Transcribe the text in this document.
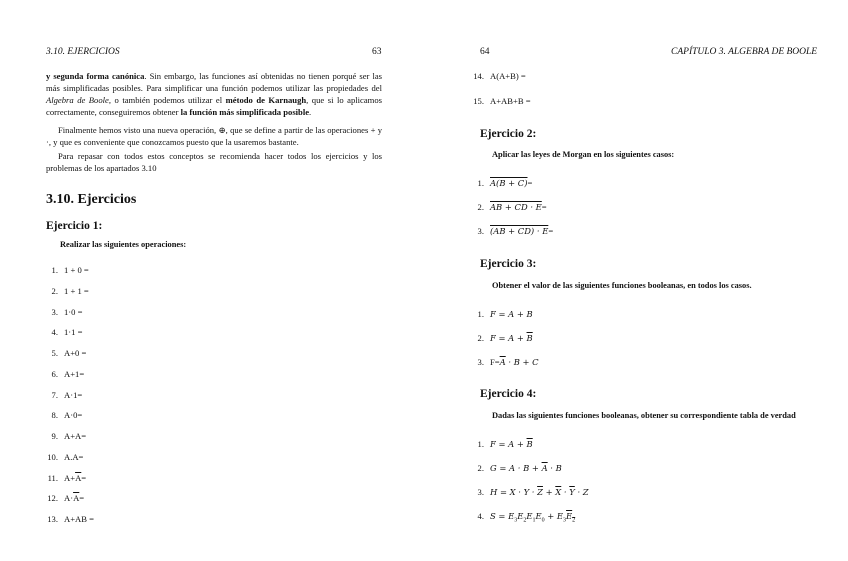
3.10. EJERCICIOS	63
y segunda forma canónica. Sin embargo, las funciones así obtenidas no tienen porqué ser las más simplificadas posibles. Para simplificar una función podemos utilizar las propiedades del Algebra de Boole, o también podemos utilizar el método de Karnaugh, que si lo aplicamos correctamente, conseguiremos obtener la función más simplificada posible.
Finalmente hemos visto una nueva operación, ⊕, que se define a partir de las operaciones + y ·, y que es conveniente que conozcamos puesto que la usaremos bastante.
Para repasar con todos estos conceptos se recomienda hacer todos los ejercicios y los problemas de los apartados 3.10
3.10. Ejercicios
Ejercicio 1:
Realizar las siguientes operaciones:
1. 1 + 0 =
2. 1 + 1 =
3. 1·0 =
4. 1·1 =
5. A+0 =
6. A+1=
7. A·1=
8. A·0=
9. A+A=
10. A.A=
11. $A+\overline{A}=$
12. $A\cdot\overline{A}=$
13. A+AB =
64	CAPÍTULO 3. ALGEBRA DE BOOLE
14. A(A+B) =
15. A+AB+B =
Ejercicio 2:
Aplicar las leyes de Morgan en los siguientes casos:
1. A(B + C)=
2. AB + CD · E=
3. (AB + CD) · E=
Ejercicio 3:
Obtener el valor de las siguientes funciones booleanas, en todos los casos.
1. F = A + B
2. $F = A + \overline{B}$
3. $F=\overline{A} \cdot B + C$
Ejercicio 4:
Dadas las siguientes funciones booleanas, obtener su correspondiente tabla de verdad
1. $F = A + \overline{B}$
2. $G = A \cdot B + \overline{A} \cdot B$
3. $H = X \cdot Y \cdot \overline{Z} + \overline{X} \cdot \overline{Y} \cdot Z$
4. $S = E_3E_2E_1E_0 + E_3\overline{E}_2$
